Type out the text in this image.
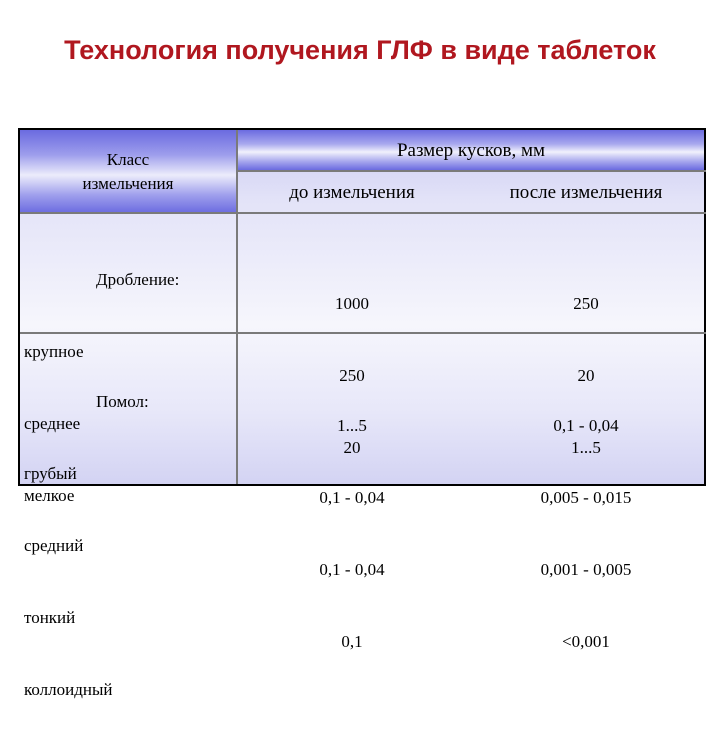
Технология получения ГЛФ в виде таблеток
Класс
измельчения
Размер кусков, мм
до измельчения	после измельчения

Дробление:

крупное

среднее

мелкое

1000

250

20

250

20

1...5

Помол:

грубый

средний

тонкий

коллоидный

1...5

0,1 - 0,04

0,1 - 0,04

0,1

0,1 - 0,04

0,005 - 0,015

0,001 - 0,005

<0,001
